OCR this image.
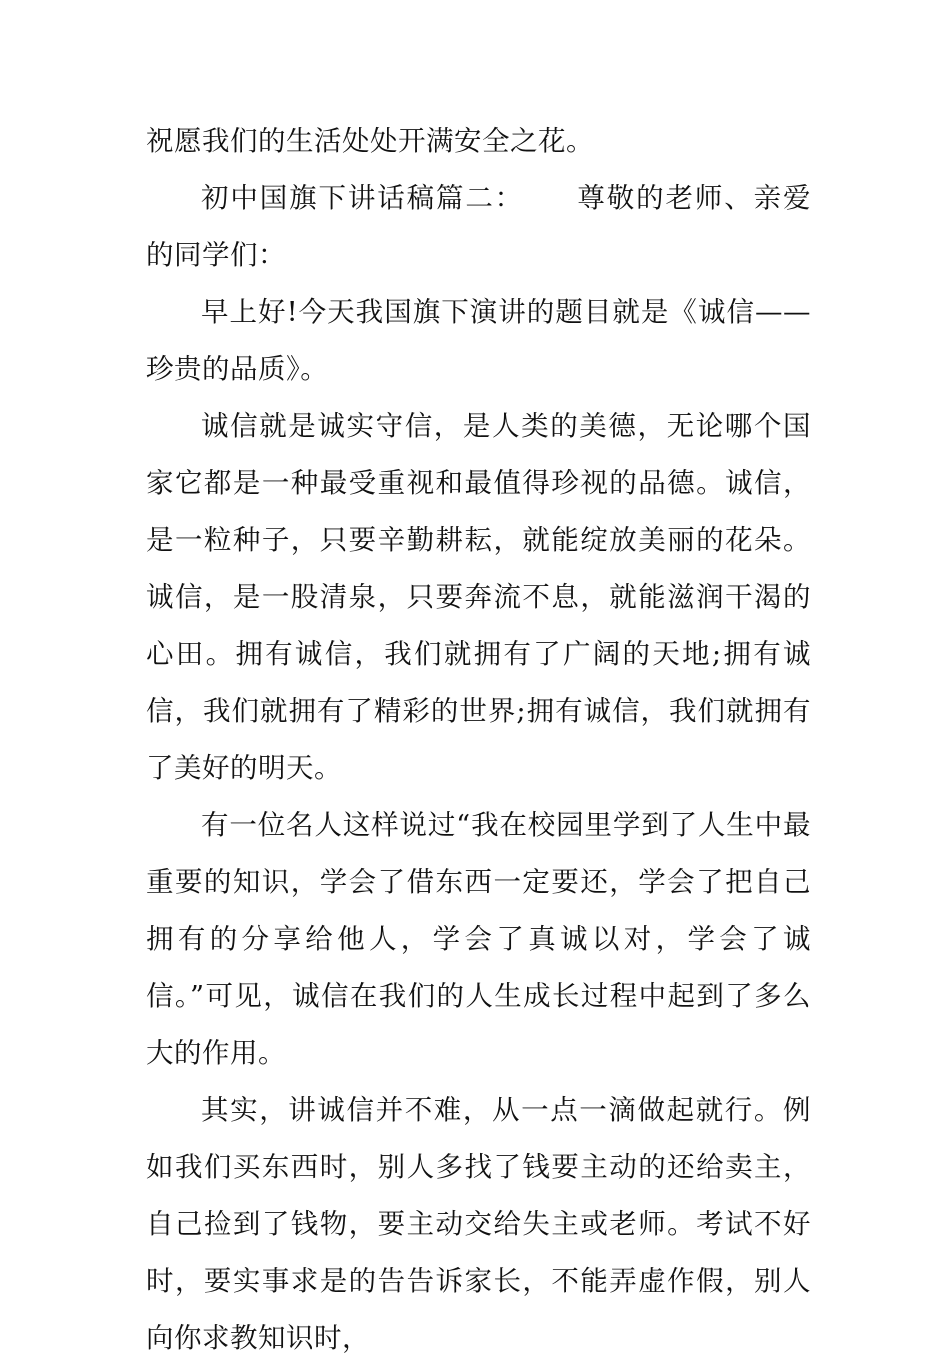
祝愿我们的生活处处开满安全之花。

初中国旗下讲话稿篇二： 尊敬的老师、亲爱的同学们：

早上好!今天我国旗下演讲的题目就是《诚信——珍贵的品质》。

诚信就是诚实守信，是人类的美德，无论哪个国家它都是一种最受重视和最值得珍视的品德。诚信，是一粒种子，只要辛勤耕耘，就能绽放美丽的花朵。诚信，是一股清泉，只要奔流不息，就能滋润干渴的心田。拥有诚信，我们就拥有了广阔的天地;拥有诚信，我们就拥有了精彩的世界;拥有诚信，我们就拥有了美好的明天。

有一位名人这样说过“我在校园里学到了人生中最重要的知识，学会了借东西一定要还，学会了把自己拥有的分享给他人，学会了真诚以对，学会了诚信。”可见，诚信在我们的人生成长过程中起到了多么大的作用。

其实，讲诚信并不难，从一点一滴做起就行。例如我们买东西时，别人多找了钱要主动的还给卖主，自己捡到了钱物，要主动交给失主或老师。考试不好时，要实事求是的告告诉家长，不能弄虚作假，别人向你求教知识时，
